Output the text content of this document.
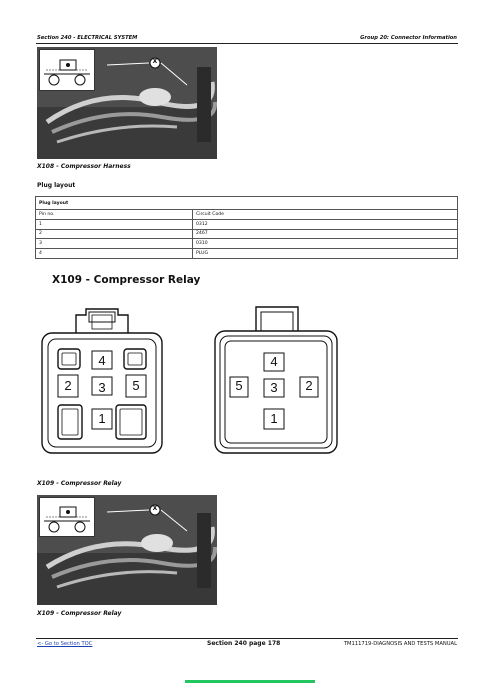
Section 240 - ELECTRICAL SYSTEM	Group 20: Connector Information
X
X108 - Compressor Harness
Plug layout
Plug layout	
Pin no.	Circuit Code
1	0312
2	2467
3	0310
4	PLUG
X109 - Compressor Relay
4
2	3	5
1
4
5	3	2
1
X109 - Compressor Relay
X
X109 - Compressor Relay
<- Go to Section TOC	Section 240 page 178	TM111719-DIAGNOSIS AND TESTS MANUAL
